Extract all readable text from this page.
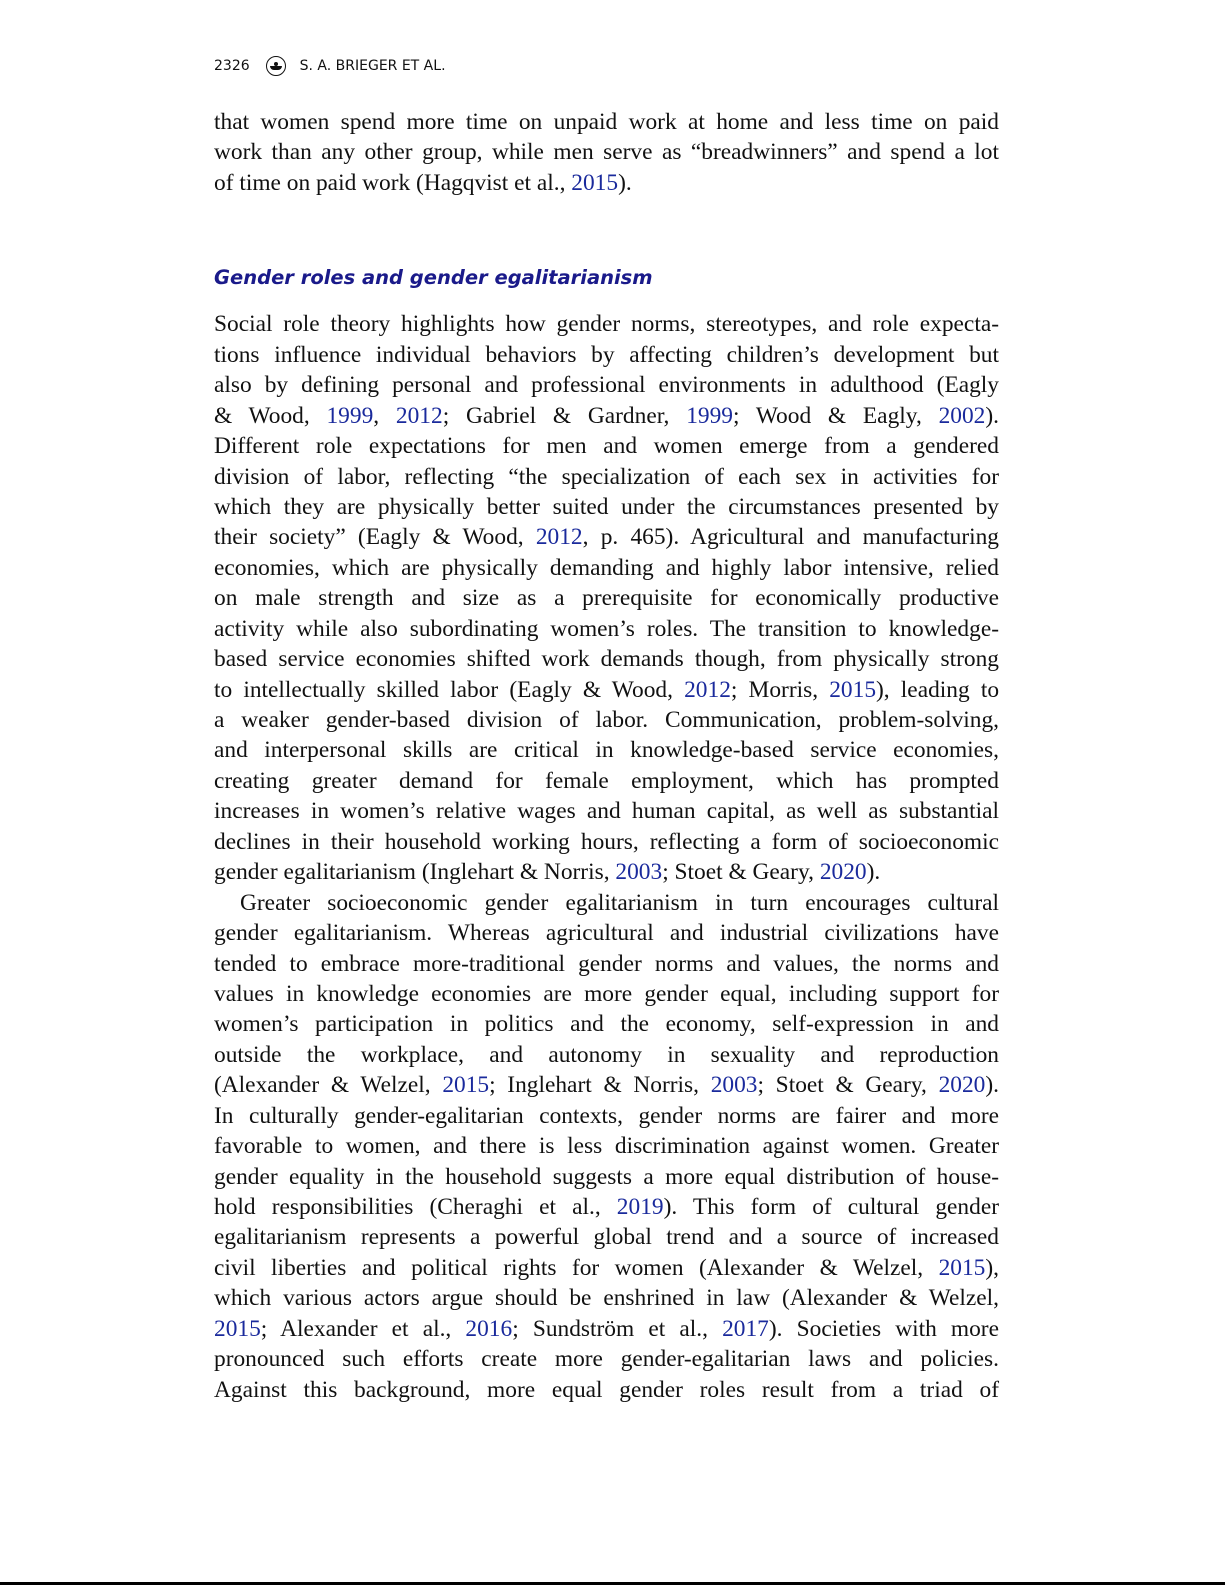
2326	S. A. BRIEGER ET AL.
that women spend more time on unpaid work at home and less time on paid
work than any other group, while men serve as “breadwinners” and spend a lot
of time on paid work (Hagqvist et al., 2015).
Gender roles and gender egalitarianism
Social role theory highlights how gender norms, stereotypes, and role expecta-
tions influence individual behaviors by affecting children’s development but
also by defining personal and professional environments in adulthood (Eagly
& Wood, 1999, 2012; Gabriel & Gardner, 1999; Wood & Eagly, 2002).
Different role expectations for men and women emerge from a gendered
division of labor, reflecting “the specialization of each sex in activities for
which they are physically better suited under the circumstances presented by
their society” (Eagly & Wood, 2012, p. 465). Agricultural and manufacturing
economies, which are physically demanding and highly labor intensive, relied
on male strength and size as a prerequisite for economically productive
activity while also subordinating women’s roles. The transition to knowledge-
based service economies shifted work demands though, from physically strong
to intellectually skilled labor (Eagly & Wood, 2012; Morris, 2015), leading to
a weaker gender-based division of labor. Communication, problem-solving,
and interpersonal skills are critical in knowledge-based service economies,
creating greater demand for female employment, which has prompted
increases in women’s relative wages and human capital, as well as substantial
declines in their household working hours, reflecting a form of socioeconomic
gender egalitarianism (Inglehart & Norris, 2003; Stoet & Geary, 2020).
Greater socioeconomic gender egalitarianism in turn encourages cultural
gender egalitarianism. Whereas agricultural and industrial civilizations have
tended to embrace more-traditional gender norms and values, the norms and
values in knowledge economies are more gender equal, including support for
women’s participation in politics and the economy, self-expression in and
outside the workplace, and autonomy in sexuality and reproduction
(Alexander & Welzel, 2015; Inglehart & Norris, 2003; Stoet & Geary, 2020).
In culturally gender-egalitarian contexts, gender norms are fairer and more
favorable to women, and there is less discrimination against women. Greater
gender equality in the household suggests a more equal distribution of house-
hold responsibilities (Cheraghi et al., 2019). This form of cultural gender
egalitarianism represents a powerful global trend and a source of increased
civil liberties and political rights for women (Alexander & Welzel, 2015),
which various actors argue should be enshrined in law (Alexander & Welzel,
2015; Alexander et al., 2016; Sundström et al., 2017). Societies with more
pronounced such efforts create more gender-egalitarian laws and policies.
Against this background, more equal gender roles result from a triad of
